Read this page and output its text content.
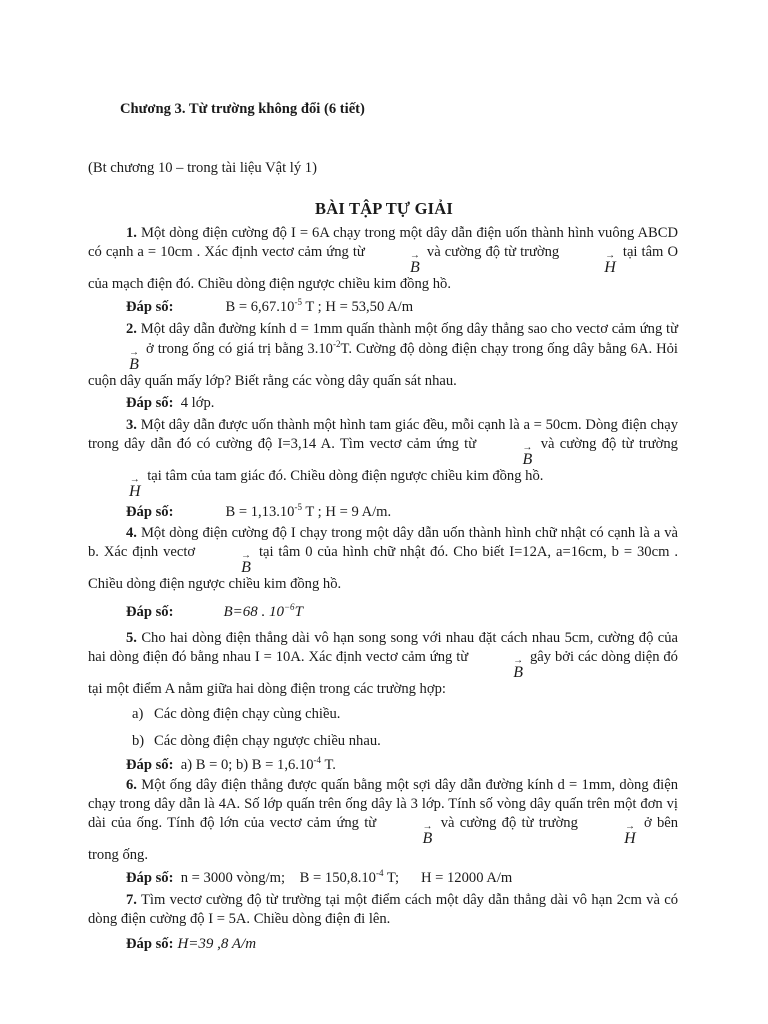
Chương 3. Từ trường không đổi (6 tiết)
(Bt chương 10 – trong tài liệu Vật lý 1)
BÀI TẬP TỰ GIẢI

1. Một dòng điện cường độ I = 6A chạy trong một dây dẫn điện uốn thành hình vuông ABCD có cạnh a = 10cm . Xác định vectơ cảm ứng từ	→
B
và cường độ từ trường	→
H
tại tâm O của mạch điện đó. Chiều dòng điện ngược chiều kim đồng hồ.

Đáp số:	$B = 6,67.10^{-5}$ T ; H = 53,50 A/m

2. Một dây dẫn đường kính d = 1mm quấn thành một ống dây thẳng sao cho vectơ cảm ứng từ
→
B
ở trong ống có giá trị bằng $3.10^{-2}T$. Cường độ dòng điện chạy trong ống dây bằng 6A. Hỏi cuộn dây quấn mấy lớp? Biết rằng các vòng dây quấn sát nhau.

Đáp số: 4 lớp.

3. Một dây dẫn được uốn thành một hình tam giác đều, mỗi cạnh là a = 50cm. Dòng điện chạy trong dây dẫn đó có cường độ I=3,14 A. Tìm vectơ cảm ứng từ	→
B
và cường độ từ trường
→
H
tại tâm của tam giác đó. Chiều dòng điện ngược chiều kim đồng hồ.

Đáp số:	$B = 1,13.10^{-5}$ T ; H = 9 A/m.

4. Một dòng điện cường độ I chạy trong một dây dẫn uốn thành hình chữ nhật có cạnh là a và b. Xác định vectơ	→
B
tại tâm 0 của hình chữ nhật đó. Cho biết I=12A, a=16cm, b = 30cm . Chiều dòng điện ngược chiều kim đồng hồ.

Đáp số:	B=68 . $10^{-6}T$

5. Cho hai dòng điện thẳng dài vô hạn song song với nhau đặt cách nhau 5cm, cường độ của hai dòng điện đó bằng nhau I = 10A. Xác định vectơ cảm ứng từ	→
B
gây bởi các dòng diện đó tại một điểm A nằm giữa hai dòng điện trong các trường hợp:

a) Các dòng điện chạy cùng chiều.
b) Các dòng điện chạy ngược chiều nhau.

Đáp số: a) B = 0; b) $B = 1,6.10^{-4}$ T.

6. Một ống dây điện thẳng được quấn bằng một sợi dây dẫn đường kính d = 1mm, dòng điện chạy trong dây dẫn là 4A. Số lớp quấn trên ống dây là 3 lớp. Tính số vòng dây quấn trên một đơn vị dài của ống. Tính độ lớn của vectơ cảm ứng từ	→
B
và cường độ từ trường	→
H
ở bên trong ống.

Đáp số: n = 3000 vòng/m; $B = 150,8.10^{-4}$ T; H = 12000 A/m

7. Tìm vectơ cường độ từ trường tại một điểm cách một dây dẫn thẳng dài vô hạn 2cm và có dòng điện cường độ I = 5A. Chiều dòng điện đi lên.

Đáp số: H=39 ,8 A/m
